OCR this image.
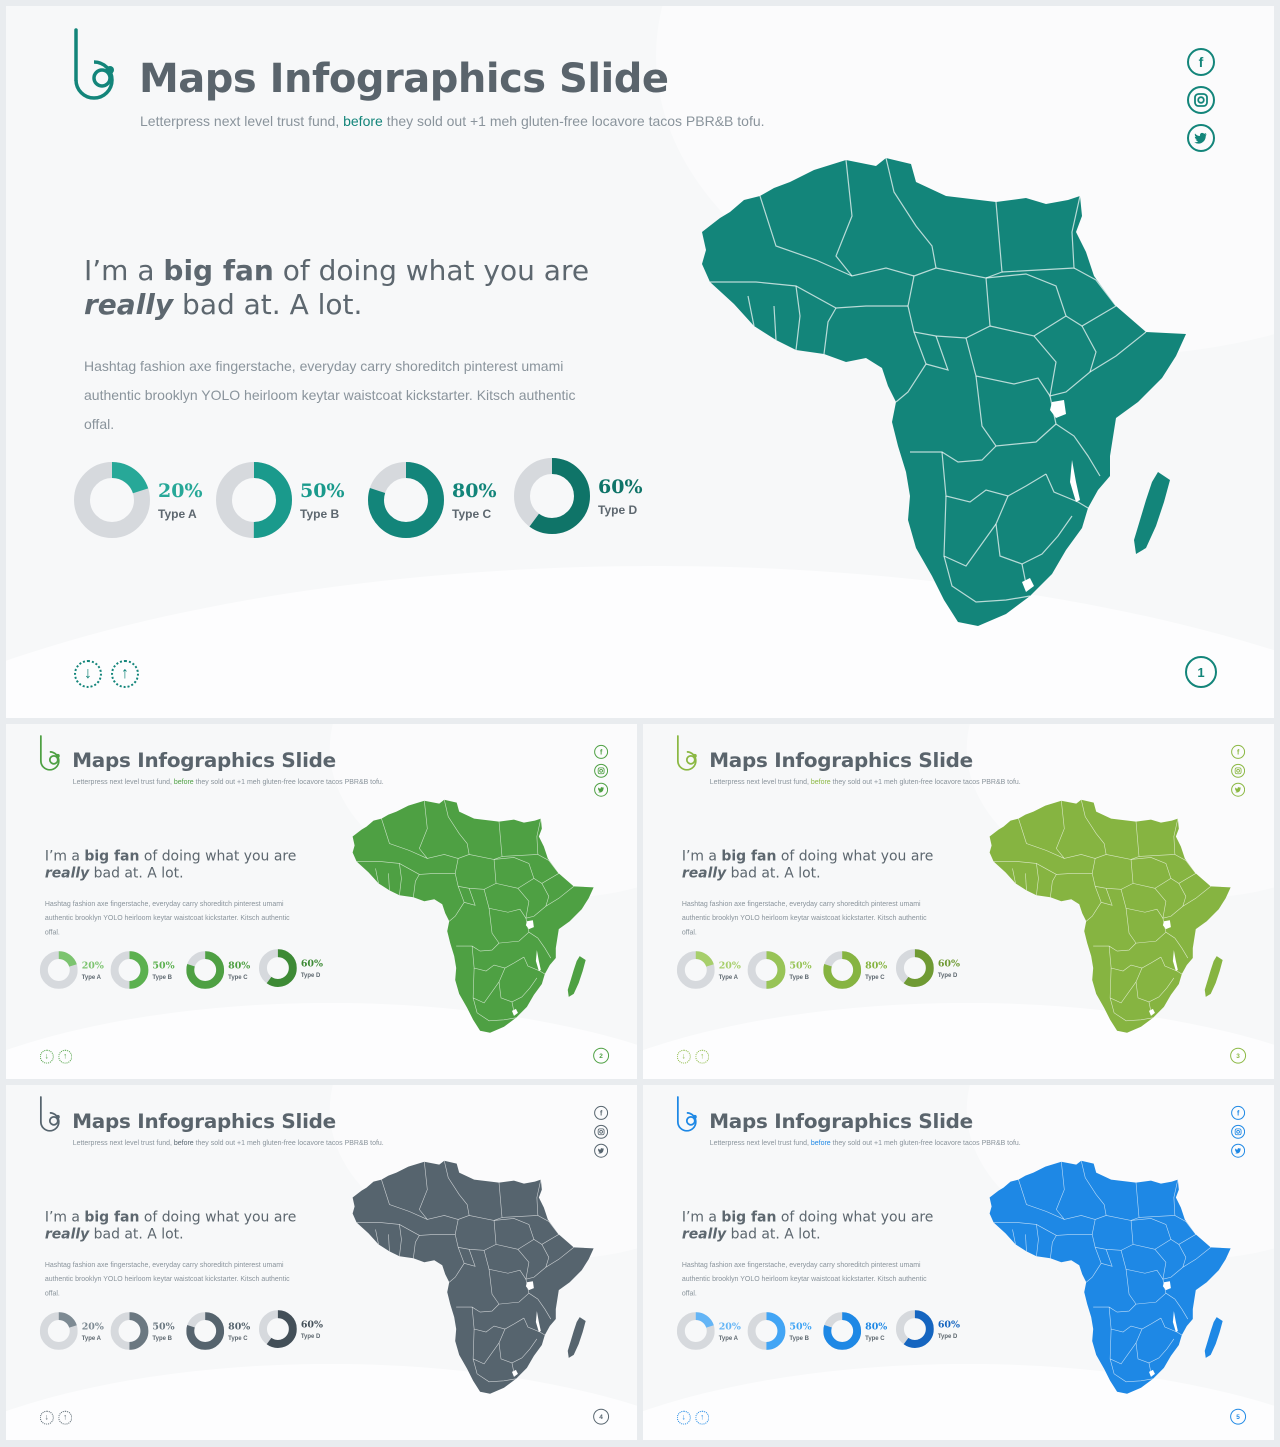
Maps Infographics Slide
Letterpress next level trust fund, before they sold out +1 meh gluten-free locavore tacos PBR&B tofu.
f
I’m a big fan of doing what you are
really bad at. A lot.
Hashtag fashion axe fingerstache, everyday carry shoreditch pinterest umami authentic brooklyn YOLO heirloom keytar waistcoat kickstarter. Kitsch authentic offal.
20%
Type A
50%
Type B
80%
Type C
60%
Type D
↓	↑	1
Maps Infographics Slide
Letterpress next level trust fund, before they sold out +1 meh gluten-free locavore tacos PBR&B tofu.
f
I’m a big fan of doing what you are
really bad at. A lot.
Hashtag fashion axe fingerstache, everyday carry shoreditch pinterest umami authentic brooklyn YOLO heirloom keytar waistcoat kickstarter. Kitsch authentic offal.
20%
Type A
50%
Type B
80%
Type C
60%
Type D
↓ ↑	2
Maps Infographics Slide
Letterpress next level trust fund, before they sold out +1 meh gluten-free locavore tacos PBR&B tofu.
f
I’m a big fan of doing what you are
really bad at. A lot.
Hashtag fashion axe fingerstache, everyday carry shoreditch pinterest umami authentic brooklyn YOLO heirloom keytar waistcoat kickstarter. Kitsch authentic offal.
20%
Type A
50%
Type B
80%
Type C
60%
Type D
↓ ↑	3
Maps Infographics Slide
Letterpress next level trust fund, before they sold out +1 meh gluten-free locavore tacos PBR&B tofu.
f
I’m a big fan of doing what you are
really bad at. A lot.
Hashtag fashion axe fingerstache, everyday carry shoreditch pinterest umami authentic brooklyn YOLO heirloom keytar waistcoat kickstarter. Kitsch authentic offal.
20%
Type A
50%
Type B
80%
Type C
60%
Type D
↓ ↑	4
Maps Infographics Slide
Letterpress next level trust fund, before they sold out +1 meh gluten-free locavore tacos PBR&B tofu.
f
I’m a big fan of doing what you are
really bad at. A lot.
Hashtag fashion axe fingerstache, everyday carry shoreditch pinterest umami authentic brooklyn YOLO heirloom keytar waistcoat kickstarter. Kitsch authentic offal.
20%
Type A
50%
Type B
80%
Type C
60%
Type D
↓ ↑	5
